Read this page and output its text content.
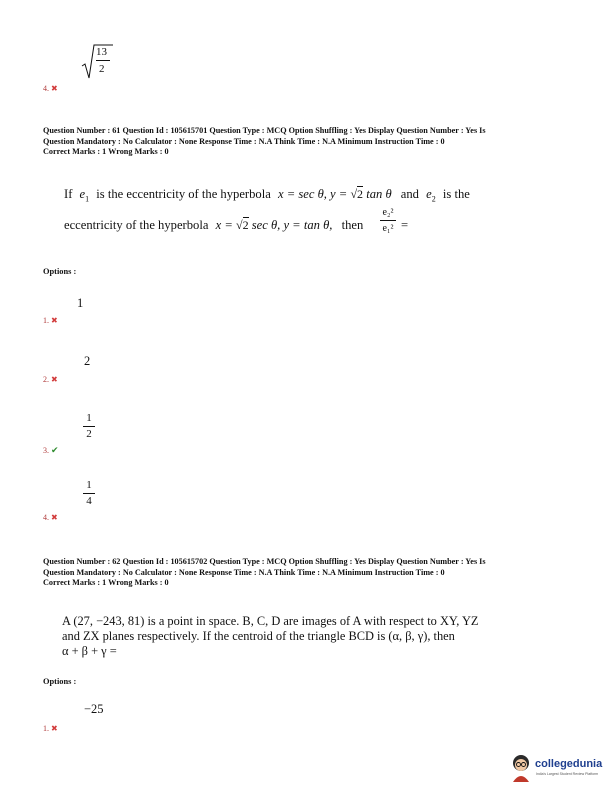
13
2
4. ✖
Question Number : 61 Question Id : 105615701 Question Type : MCQ Option Shuffling : Yes Display Question Number : Yes Is
Question Mandatory : No Calculator : None Response Time : N.A Think Time : N.A Minimum Instruction Time : 0
Correct Marks : 1 Wrong Marks : 0
If $e_1$ is the eccentricity of the hyperbola x = sec θ, y = √2 tan θ and $e_2$ is the
eccentricity of the hyperbola x = √2 sec θ, y = tan θ, then
e₂²
e₁² =
Options :
1
1. ✖
2
2. ✖
1
2
3. ✔
1
4
4. ✖
Question Number : 62 Question Id : 105615702 Question Type : MCQ Option Shuffling : Yes Display Question Number : Yes Is
Question Mandatory : No Calculator : None Response Time : N.A Think Time : N.A Minimum Instruction Time : 0
Correct Marks : 1 Wrong Marks : 0
A (27, −243, 81) is a point in space. B, C, D are images of A with respect to XY, YZ
and ZX planes respectively. If the centroid of the triangle BCD is (α, β, γ), then
α + β + γ =
Options :
−25
1. ✖
collegedunia
India's Largest Student Review Platform
